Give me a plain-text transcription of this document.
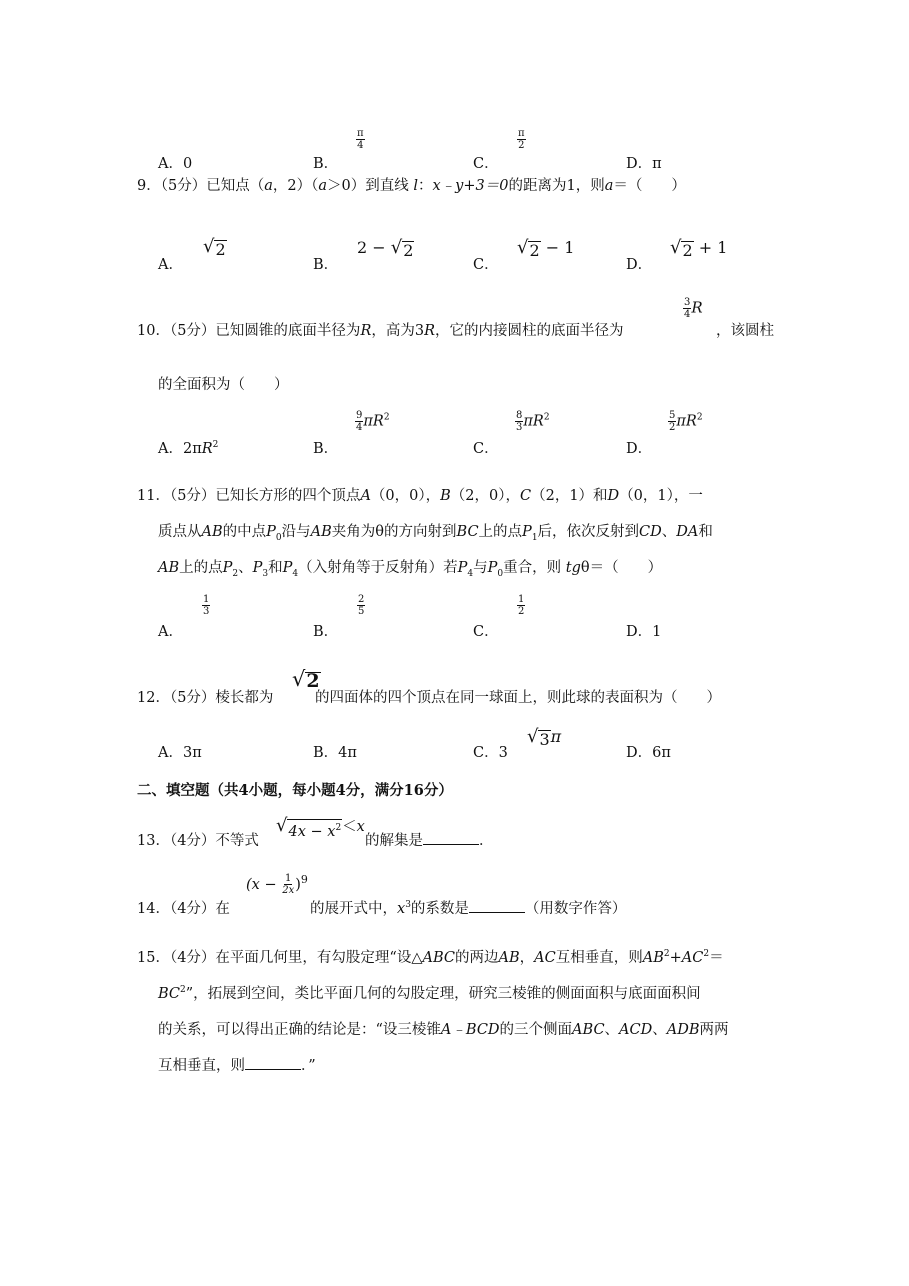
A．0	B．
$\frac{\pi}{4}$
C．
$\frac{\pi}{2}$
D．π
9．（5分）已知点（a，2）（a＞0）到直线 l：x﹣y+3＝0的距离为1，则a＝（　　）
A．
√ 2
B．
2 − √ 2
C．
√ 2 − 1
D．
√ 2 + 1
10．（5分）已知圆锥的底面半径为R，高为3R，它的内接圆柱的底面半径为
$\frac{3}{4}$ R
，该圆柱
的全面积为（　　）
A．$2\pi R^2$	B．
$\frac{9}{4} \pi R^2$
C．
$\frac{8}{3} \pi R^2$
D．
$\frac{5}{2} \pi R^2$
11．（5分）已知长方形的四个顶点A（0，0），B（2，0），C（2，1）和D（0，1），一
质点从AB的中点$P_0$沿与AB夹角为θ的方向射到BC上的点$P_1$后，依次反射到CD、DA和
AB上的点$P_2$、$P_3$和$P_4$（入射角等于反射角）若$P_4$与$P_0$重合，则 tgθ＝（　　）
A．
$\frac{1}{3}$
B．
$\frac{2}{5}$
C．
$\frac{1}{2}$
D．1
12．（5分）棱长都为
√ 2
的四面体的四个顶点在同一球面上，则此球的表面积为（　　）
A．3π	B．4π	C．3
√ 3 π
D．6π
二、填空题（共4小题，每小题4分，满分16分）
13．（4分）不等式
√ $4x - x^2 <x$
的解集是	．
14．（4分）在
$(x - \frac{1}{2x} )^9$
的展开式中，$x^3$的系数是	（用数字作答）
15．（4分）在平面几何里，有勾股定理“设△ABC的两边AB，AC互相垂直，则$AB^2+AC^2=$
$BC^2$”，拓展到空间，类比平面几何的勾股定理，研究三棱锥的侧面面积与底面面积间
的关系，可以得出正确的结论是：“设三棱锥A﹣BCD的三个侧面ABC、ACD、ADB两两
互相垂直，则	．”
